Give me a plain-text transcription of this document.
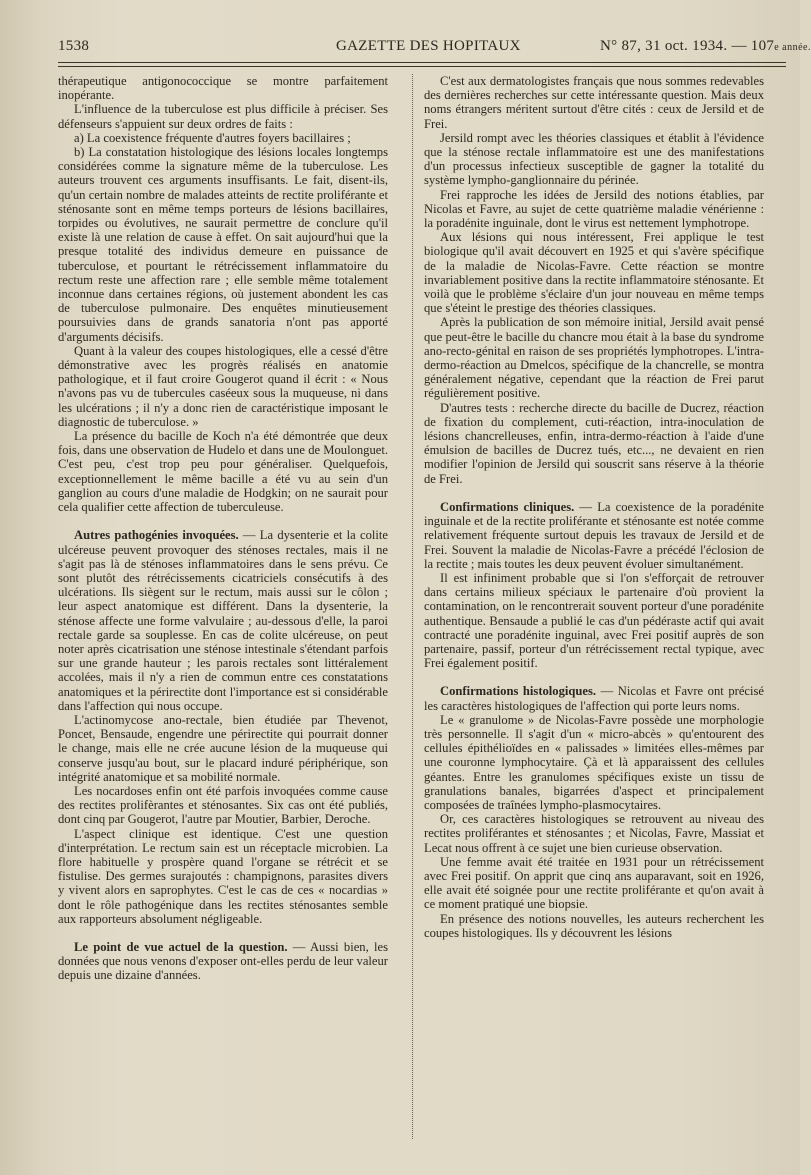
1538	GAZETTE DES HOPITAUX	N° 87, 31 oct. 1934. — 107e année.

thérapeutique antigonococcique se montre parfaitement inopérante.

L'influence de la tuberculose est plus difficile à préciser. Ses défenseurs s'appuient sur deux ordres de faits :

a) La coexistence fréquente d'autres foyers bacillaires ;

b) La constatation histologique des lésions locales longtemps considérées comme la signature même de la tuberculose. Les auteurs trouvent ces arguments insuffisants. Le fait, disent-ils, qu'un certain nombre de malades atteints de rectite proliférante et sténosante sont en même temps porteurs de lésions bacillaires, torpides ou évolutives, ne saurait permettre de conclure qu'il existe là une relation de cause à effet. On sait aujourd'hui que la presque totalité des individus demeure en puissance de tuberculose, et pourtant le rétrécissement inflammatoire du rectum reste une affection rare ; elle semble même totalement inconnue dans certaines régions, où justement abondent les cas de tuberculose pulmonaire. Des enquêtes minutieusement poursuivies dans de grands sanatoria n'ont pas apporté d'arguments décisifs.

Quant à la valeur des coupes histologiques, elle a cessé d'être démonstrative avec les progrès réalisés en anatomie pathologique, et il faut croire Gougerot quand il écrit : « Nous n'avons pas vu de tubercules caséeux sous la muqueuse, ni dans les ulcérations ; il n'y a donc rien de caractéristique imposant le diagnostic de tuberculose. »

La présence du bacille de Koch n'a été démontrée que deux fois, dans une observation de Hudelo et dans une de Moulonguet. C'est peu, c'est trop peu pour généraliser. Quelquefois, exceptionnellement le même bacille a été vu au sein d'un ganglion au cours d'une maladie de Hodgkin; on ne saurait pour cela qualifier cette affection de tuberculeuse.

Autres pathogénies invoquées. — La dysenterie et la colite ulcéreuse peuvent provoquer des sténoses rectales, mais il ne s'agit pas là de sténoses inflammatoires dans le sens prévu. Ce sont plutôt des rétrécissements cicatriciels consécutifs à des ulcérations. Ils siègent sur le rectum, mais aussi sur le côlon ; leur aspect anatomique est différent. Dans la dysenterie, la sténose affecte une forme valvulaire ; au-dessous d'elle, la paroi rectale garde sa souplesse. En cas de colite ulcéreuse, on peut noter après cicatrisation une sténose intestinale s'étendant parfois sur une grande hauteur ; les parois rectales sont littéralement accolées, mais il n'y a rien de commun entre ces constatations anatomiques et la périrectite dont l'importance est si considérable dans l'affection qui nous occupe.

L'actinomycose ano-rectale, bien étudiée par Thevenot, Poncet, Bensaude, engendre une périrectite qui pourrait donner le change, mais elle ne crée aucune lésion de la muqueuse qui conserve jusqu'au bout, sur le placard induré périphérique, son intégrité anatomique et sa mobilité normale.

Les nocardoses enfin ont été parfois invoquées comme cause des rectites prolifèrantes et sténosantes. Six cas ont été publiés, dont cinq par Gougerot, l'autre par Moutier, Barbier, Deroche.

L'aspect clinique est identique. C'est une question d'interprétation. Le rectum sain est un réceptacle microbien. La flore habituelle y prospère quand l'organe se rétrécit et se fistulise. Des germes surajoutés : champignons, parasites divers y vivent alors en saprophytes. C'est le cas de ces « nocardias » dont le rôle pathogénique dans les rectites sténosantes semble aux rapporteurs absolument négligeable.

Le point de vue actuel de la question. — Aussi bien, les données que nous venons d'exposer ont-elles perdu de leur valeur depuis une dizaine d'années.

C'est aux dermatologistes français que nous sommes redevables des dernières recherches sur cette intéressante question. Mais deux noms étrangers méritent surtout d'être cités : ceux de Jersild et de Frei.

Jersild rompt avec les théories classiques et établit à l'évidence que la sténose rectale inflammatoire est une des manifestations d'un processus infectieux susceptible de gagner la totalité du système lympho-ganglionnaire du périnée.

Frei rapproche les idées de Jersild des notions établies, par Nicolas et Favre, au sujet de cette quatrième maladie vénérienne : la poradénite inguinale, dont le virus est nettement lymphotrope.

Aux lésions qui nous intéressent, Frei applique le test biologique qu'il avait découvert en 1925 et qui s'avère spécifique de la maladie de Nicolas-Favre. Cette réaction se montre invariablement positive dans la rectite inflammatoire sténosante. Et voilà que le problème s'éclaire d'un jour nouveau en même temps que s'éteint le prestige des théories classiques.

Après la publication de son mémoire initial, Jersild avait pensé que peut-être le bacille du chancre mou était à la base du syndrome ano-recto-génital en raison de ses propriétés lymphotropes. L'intra-dermo-réaction au Dmelcos, spécifique de la chancrelle, se montra généralement négative, cependant que la réaction de Frei parut régulièrement positive.

D'autres tests : recherche directe du bacille de Ducrez, réaction de fixation du complement, cuti-réaction, intra-inoculation de lésions chancrelleuses, enfin, intra-dermo-réaction à l'aide d'une émulsion de bacilles de Ducrez tués, etc..., ne devaient en rien modifier l'opinion de Jersild qui souscrit sans réserve à la théorie de Frei.

Confirmations cliniques. — La coexistence de la poradénite inguinale et de la rectite proliférante et sténosante est notée comme relativement fréquente surtout depuis les travaux de Jersild et de Frei. Souvent la maladie de Nicolas-Favre a précédé l'éclosion de la rectite ; mais toutes les deux peuvent évoluer simultanément.

Il est infiniment probable que si l'on s'efforçait de retrouver dans certains milieux spéciaux le partenaire d'où provient la contamination, on le rencontrerait souvent porteur d'une poradénite authentique. Bensaude a publié le cas d'un pédéraste actif qui avait contracté une poradénite inguinal, avec Frei positif auprès de son partenaire, passif, porteur d'un rétrécissement rectal typique, avec Frei également positif.

Confirmations histologiques. — Nicolas et Favre ont précisé les caractères histologiques de l'affection qui porte leurs noms.

Le « granulome » de Nicolas-Favre possède une morphologie très personnelle. Il s'agit d'un « micro-abcès » qu'entourent des cellules épithélioïdes en « palissades » limitées elles-mêmes par une couronne lymphocytaire. Çà et là apparaissent des cellules géantes. Entre les granulomes spécifiques existe un tissu de granulations banales, bigarrées d'aspect et principalement composées de traînées lympho-plasmocytaires.

Or, ces caractères histologiques se retrouvent au niveau des rectites proliférantes et sténosantes ; et Nicolas, Favre, Massiat et Lecat nous offrent à ce sujet une bien curieuse observation.

Une femme avait été traitée en 1931 pour un rétrécissement avec Frei positif. On apprit que cinq ans auparavant, soit en 1926, elle avait été soignée pour une rectite proliférante et qu'on avait à ce moment pratiqué une biopsie.

En présence des notions nouvelles, les auteurs recherchent les coupes histologiques. Ils y découvrent les lésions
